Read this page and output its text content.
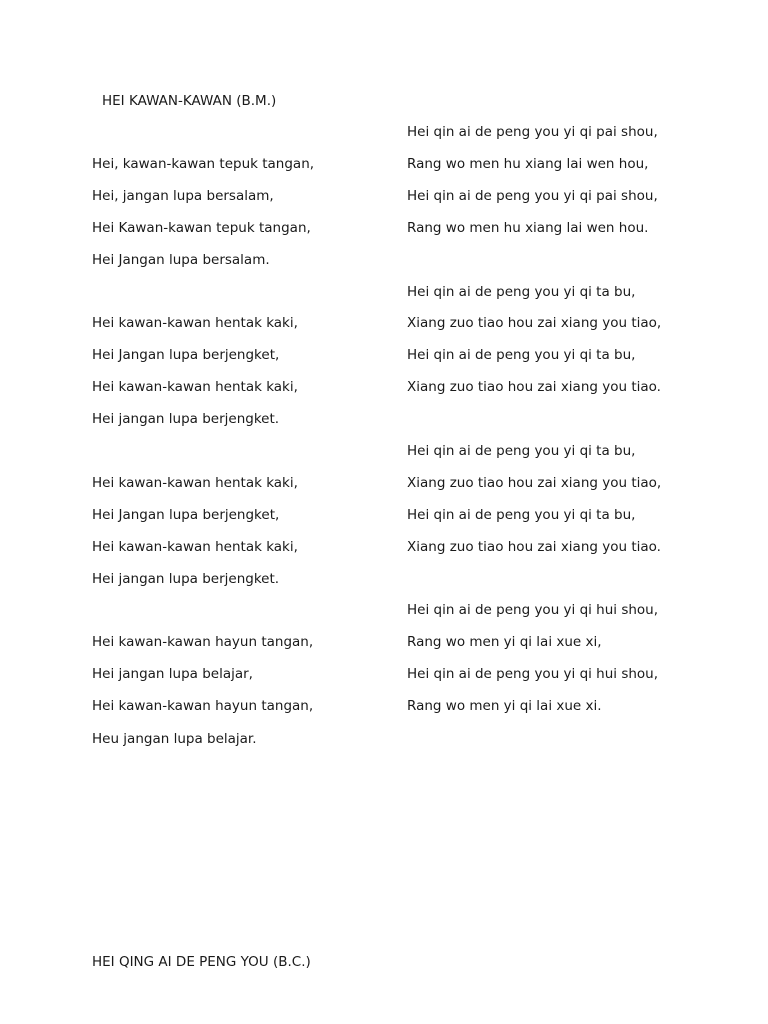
HEI KAWAN-KAWAN (B.M.)
Hei, kawan-kawan tepuk tangan,
Hei, jangan lupa bersalam,
Hei Kawan-kawan tepuk tangan,
Hei Jangan lupa bersalam.
Hei kawan-kawan hentak kaki,
Hei Jangan lupa berjengket,
Hei kawan-kawan hentak kaki,
Hei jangan lupa berjengket.
Hei kawan-kawan hentak kaki,
Hei Jangan lupa berjengket,
Hei kawan-kawan hentak kaki,
Hei jangan lupa berjengket.
Hei kawan-kawan hayun tangan,
Hei jangan lupa belajar,
Hei kawan-kawan hayun tangan,
Heu jangan lupa belajar.
Hei qin ai de peng you yi qi pai shou,
Rang wo men hu xiang lai wen hou,
Hei qin ai de peng you yi qi pai shou,
Rang wo men hu xiang lai wen hou.
Hei qin ai de peng you yi qi ta bu,
Xiang zuo tiao hou zai xiang you tiao,
Hei qin ai de peng you yi qi ta bu,
Xiang zuo tiao hou zai xiang you tiao.
Hei qin ai de peng you yi qi ta bu,
Xiang zuo tiao hou zai xiang you tiao,
Hei qin ai de peng you yi qi ta bu,
Xiang zuo tiao hou zai xiang you tiao.
Hei qin ai de peng you yi qi hui shou,
Rang wo men yi qi lai xue xi,
Hei qin ai de peng you yi qi hui shou,
Rang wo men yi qi lai xue xi.
HEI QING AI DE PENG YOU (B.C.)
